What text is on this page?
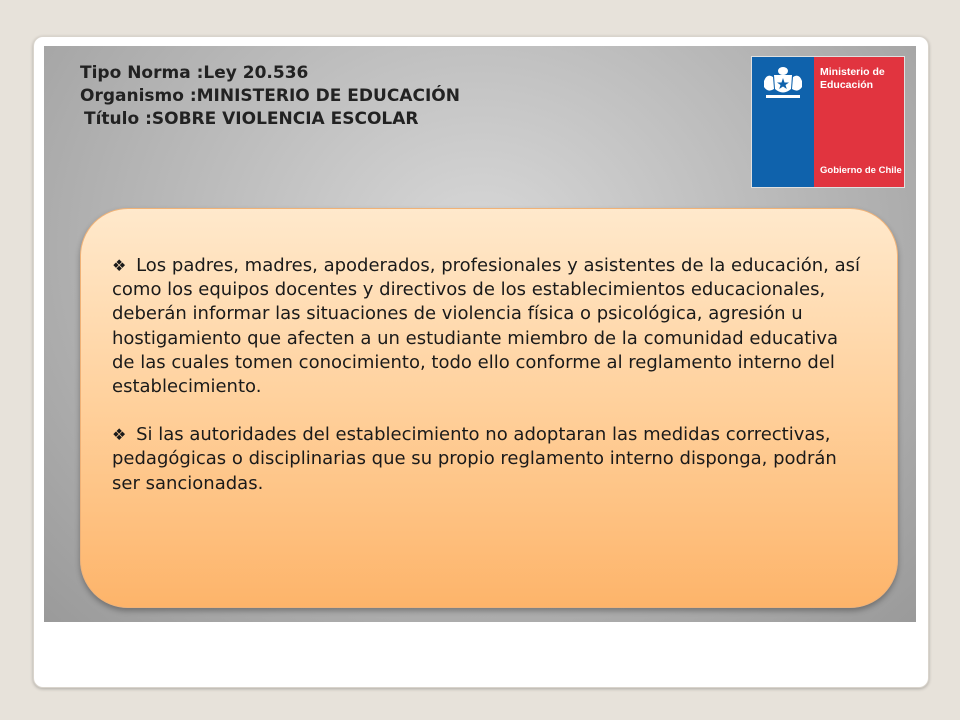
Tipo Norma :Ley 20.536
Organismo :MINISTERIO DE EDUCACIÓN
Título :SOBRE VIOLENCIA ESCOLAR
Ministerio de
Educación
Gobierno de Chile

❖ Los padres, madres, apoderados, profesionales y asistentes de la educación, así como los equipos docentes y directivos de los establecimientos educacionales, deberán informar las situaciones de violencia física o psicológica, agresión u hostigamiento que afecten a un estudiante miembro de la comunidad educativa de las cuales tomen conocimiento, todo ello conforme al reglamento interno del establecimiento.

❖ Si las autoridades del establecimiento no adoptaran las medidas correctivas, pedagógicas o disciplinarias que su propio reglamento interno disponga, podrán ser sancionadas.
